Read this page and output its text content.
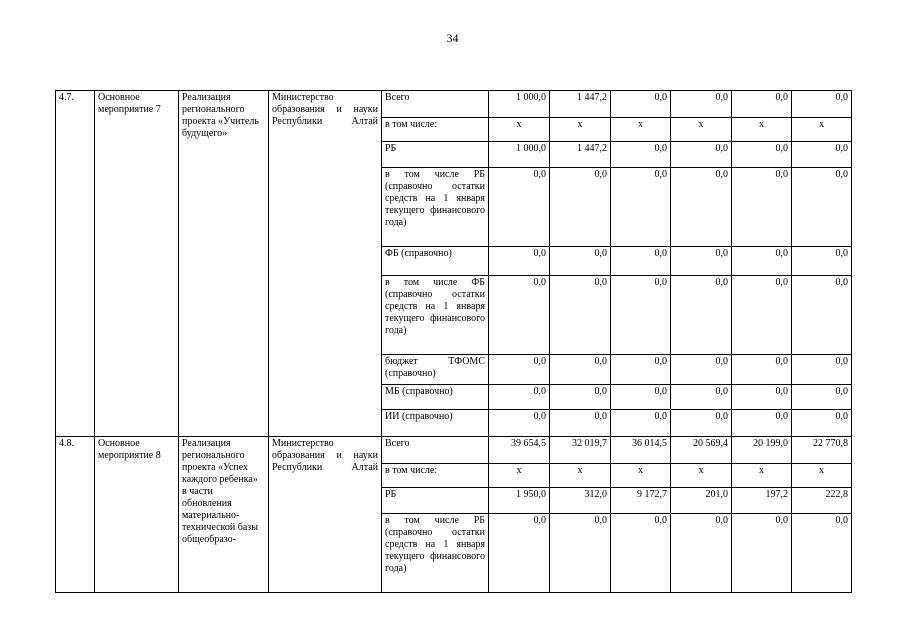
34
4.7.	Основное мероприятие 7	Реализация регионального проекта «Учитель будущего»	Министерство образования и науки Республики Алтай	Всего	1 000,0	1 447,2	0,0	0,0	0,0	0,0
				в том числе:	x	x	x	x	x	x
				РБ	1 000,0	1 447,2	0,0	0,0	0,0	0,0
				в том числе РБ (справочно остатки средств на 1 января текущего финансового года)	0,0	0,0	0,0	0,0	0,0	0,0
				ФБ (справочно)	0,0	0,0	0,0	0,0	0,0	0,0
				в том числе ФБ (справочно остатки средств на 1 января текущего финансового года)	0,0	0,0	0,0	0,0	0,0	0,0
				бюджет ТФОМС (справочно)	0,0	0,0	0,0	0,0	0,0	0,0
				МБ (справочно)	0,0	0,0	0,0	0,0	0,0	0,0
				ИИ (справочно)	0,0	0,0	0,0	0,0	0,0	0,0
4.8.	Основное мероприятие 8	Реализация регионального проекта «Успех каждого ребенка» в части обновления материально-технической базы общеобразо-	Министерство образования и науки Республики Алтай	Всего	39 654,5	32 019,7	36 014,5	20 569,4	20 199,0	22 770,8
				в том числе:	x	x	x	x	x	x
				РБ	1 950,0	312,0	9 172,7	201,0	197,2	222,8
				в том числе РБ (справочно остатки средств на 1 января текущего финансового года)	0,0	0,0	0,0	0,0	0,0	0,0
